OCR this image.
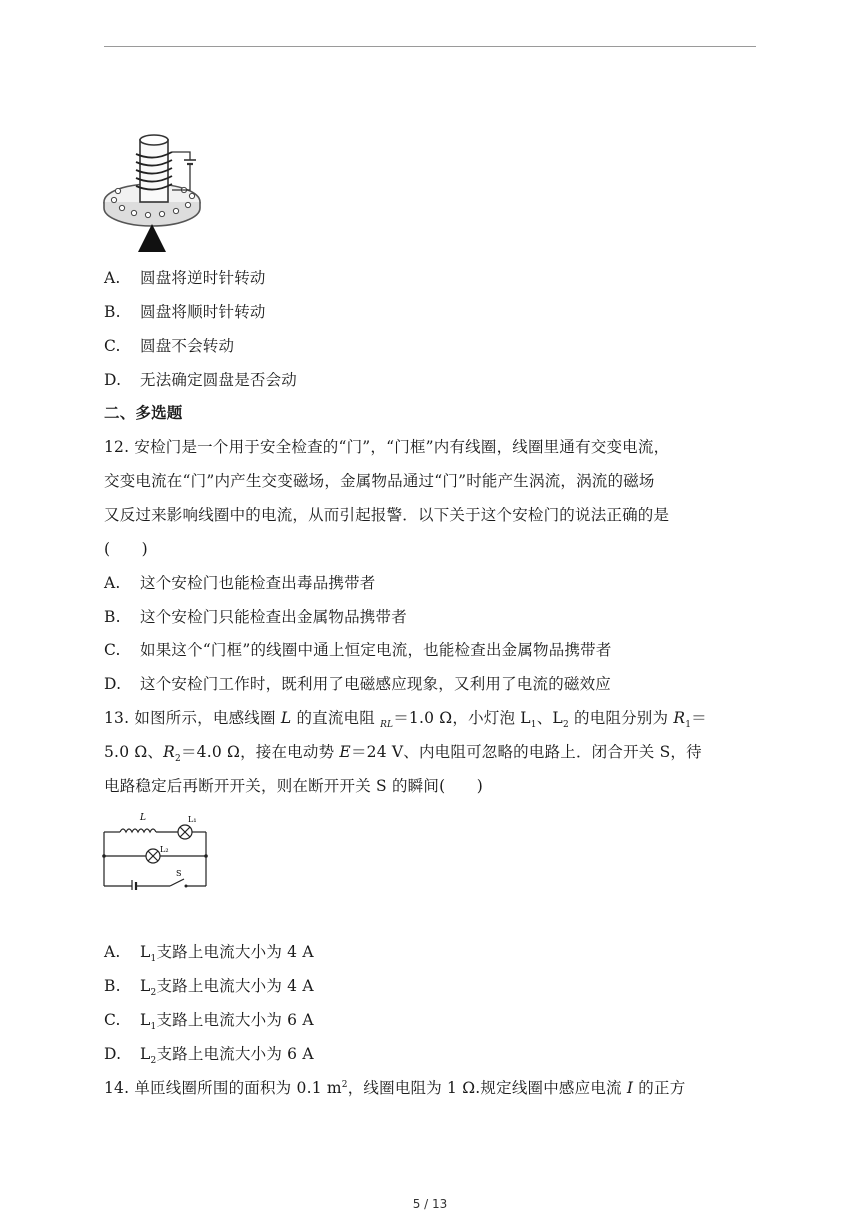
A. 圆盘将逆时针转动
B. 圆盘将顺时针转动
C. 圆盘不会转动
D. 无法确定圆盘是否会动
二、多选题
12. 安检门是一个用于安全检查的“门”，“门框”内有线圈，线圈里通有交变电流，
交变电流在“门”内产生交变磁场，金属物品通过“门”时能产生涡流，涡流的磁场
又反过来影响线圈中的电流，从而引起报警．以下关于这个安检门的说法正确的是
(　　)
A. 这个安检门也能检查出毒品携带者
B. 这个安检门只能检查出金属物品携带者
C. 如果这个“门框”的线圈中通上恒定电流，也能检查出金属物品携带者
D. 这个安检门工作时，既利用了电磁感应现象，又利用了电流的磁效应
13. 如图所示，电感线圈 L 的直流电阻 $_{RL}$＝1.0 Ω，小灯泡 $L_1$、$L_2$ 的电阻分别为 $R_1=$
5.0 Ω、$R_2=4.0$ Ω，接在电动势 E＝24 V、内电阻可忽略的电路上．闭合开关 S，待
电路稳定后再断开开关，则在断开开关 S 的瞬间(　　)
L	L₁
L₂
S
A. $L_1$支路上电流大小为 4 A
B. $L_2$支路上电流大小为 4 A
C. $L_1$支路上电流大小为 6 A
D. $L_2$支路上电流大小为 6 A
14. 单匝线圈所围的面积为 0.1 $m^2$，线圈电阻为 1 Ω.规定线圈中感应电流 I 的正方
5 / 13
